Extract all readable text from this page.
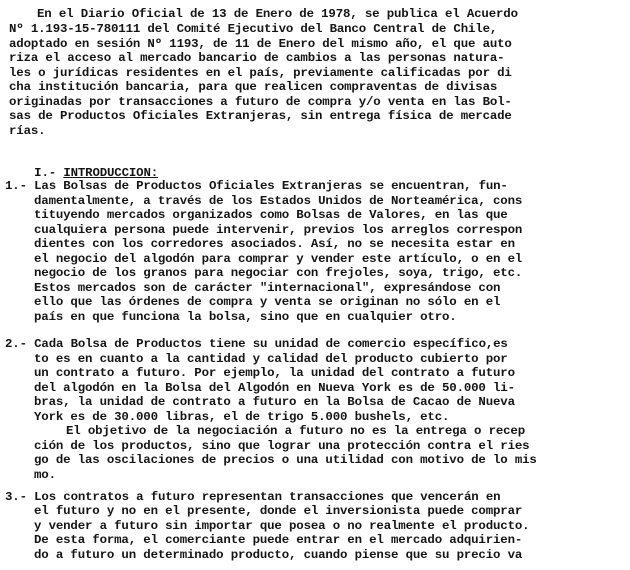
En el Diario Oficial de 13 de Enero de 1978, se publica el Acuerdo
Nº 1.193-15-780111 del Comité Ejecutivo del Banco Central de Chile,
adoptado en sesión Nº 1193, de 11 de Enero del mismo año, el que auto
riza el acceso al mercado bancario de cambios a las personas natura-
les o jurídicas residentes en el país, previamente calificadas por di
cha institución bancaria, para que realicen compraventas de divisas
originadas por transacciones a futuro de compra y/o venta en las Bol-
sas de Productos Oficiales Extranjeras, sin entrega física de mercade
rías.

I.- INTRODUCCION:

1.- Las Bolsas de Productos Oficiales Extranjeras se encuentran, fun-
damentalmente, a través de los Estados Unidos de Norteamérica, cons
tituyendo mercados organizados como Bolsas de Valores, en las que
cualquiera persona puede intervenir, previos los arreglos correspon
dientes con los corredores asociados. Así, no se necesita estar en
el negocio del algodón para comprar y vender este artículo, o en el
negocio de los granos para negociar con frejoles, soya, trigo, etc.
Estos mercados son de carácter "internacional", expresándose con
ello que las órdenes de compra y venta se originan no sólo en el
país en que funciona la bolsa, sino que en cualquier otro.
2.- Cada Bolsa de Productos tiene su unidad de comercio específico,es
to es en cuanto a la cantidad y calidad del producto cubierto por
un contrato a futuro. Por ejemplo, la unidad del contrato a futuro
del algodón en la Bolsa del Algodón en Nueva York es de 50.000 li-
bras, la unidad de contrato a futuro en la Bolsa de Cacao de Nueva
York es de 30.000 libras, el de trigo 5.000 bushels, etc.
El objetivo de la negociación a futuro no es la entrega o recep
ción de los productos, sino que lograr una protección contra el ries
go de las oscilaciones de precios o una utilidad con motivo de lo mis
mo.
3.- Los contratos a futuro representan transacciones que vencerán en
el futuro y no en el presente, donde el inversionista puede comprar
y vender a futuro sin importar que posea o no realmente el producto.
De esta forma, el comerciante puede entrar en el mercado adquirien-
do a futuro un determinado producto, cuando piense que su precio va
